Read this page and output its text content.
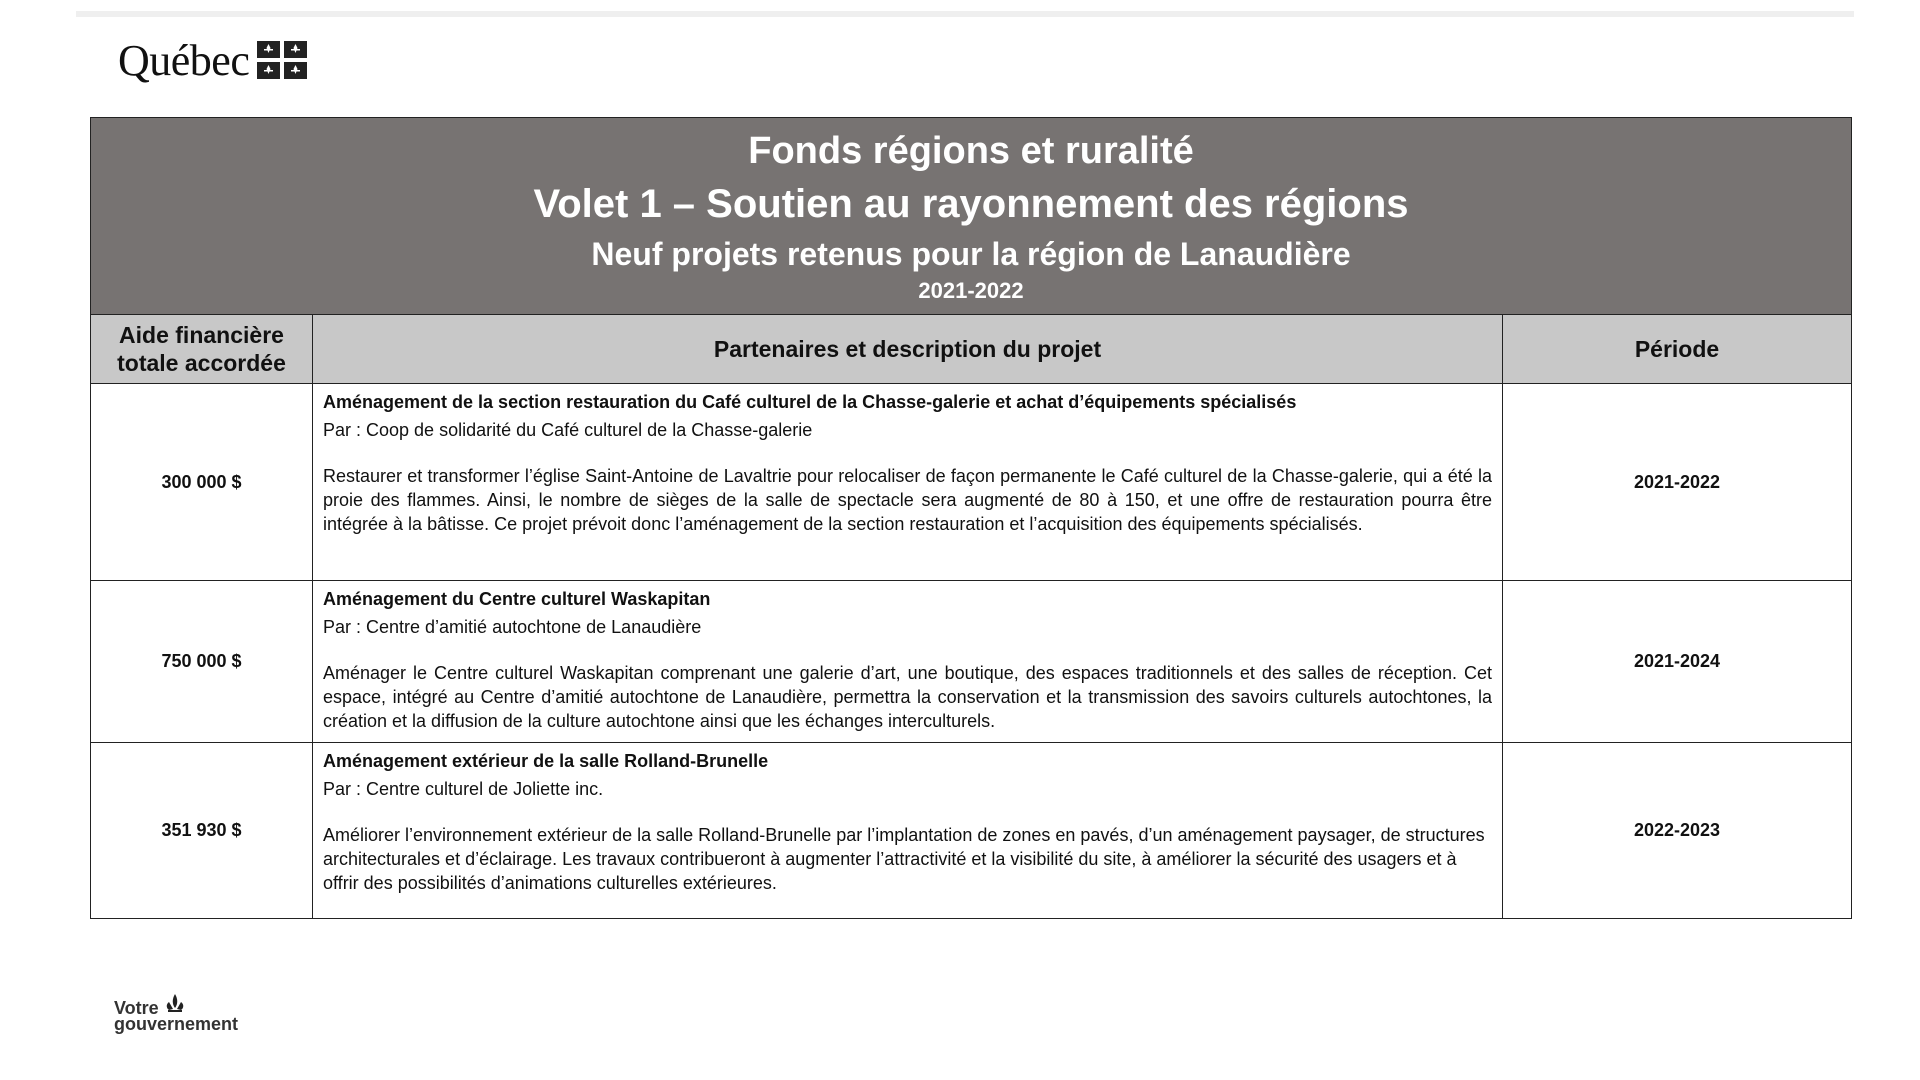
Québec
Fonds régions et ruralité
Volet 1 – Soutien au rayonnement des régions
Neuf projets retenus pour la région de Lanaudière
2021-2022		

Aide financière
totale accordée	Partenaires et description du projet	Période
300 000 $	Aménagement de la section restauration du Café culturel de la Chasse-galerie et achat d’équipements spécialisés
Par : Coop de solidarité du Café culturel de la Chasse-galerie
Restaurer et transformer l’église Saint-Antoine de Lavaltrie pour relocaliser de façon permanente le Café culturel de la Chasse-galerie, qui a été la proie des flammes. Ainsi, le nombre de sièges de la salle de spectacle sera augmenté de 80 à 150, et une offre de restauration pourra être intégrée à la bâtisse. Ce projet prévoit donc l’aménagement de la section restauration et l’acquisition des équipements spécialisés.	2021-2022
750 000 $	Aménagement du Centre culturel Waskapitan
Par : Centre d’amitié autochtone de Lanaudière
Aménager le Centre culturel Waskapitan comprenant une galerie d’art, une boutique, des espaces traditionnels et des salles de réception. Cet espace, intégré au Centre d’amitié autochtone de Lanaudière, permettra la conservation et la transmission des savoirs culturels autochtones, la création et la diffusion de la culture autochtone ainsi que les échanges interculturels.	2021-2024
351 930 $	Aménagement extérieur de la salle Rolland-Brunelle
Par : Centre culturel de Joliette inc.
Améliorer l’environnement extérieur de la salle Rolland-Brunelle par l’implantation de zones en pavés, d’un aménagement paysager, de structures architecturales et d’éclairage. Les travaux contribueront à augmenter l’attractivité et la visibilité du site, à améliorer la sécurité des usagers et à offrir des possibilités d’animations culturelles extérieures.	2022-2023
Votre
gouvernement
